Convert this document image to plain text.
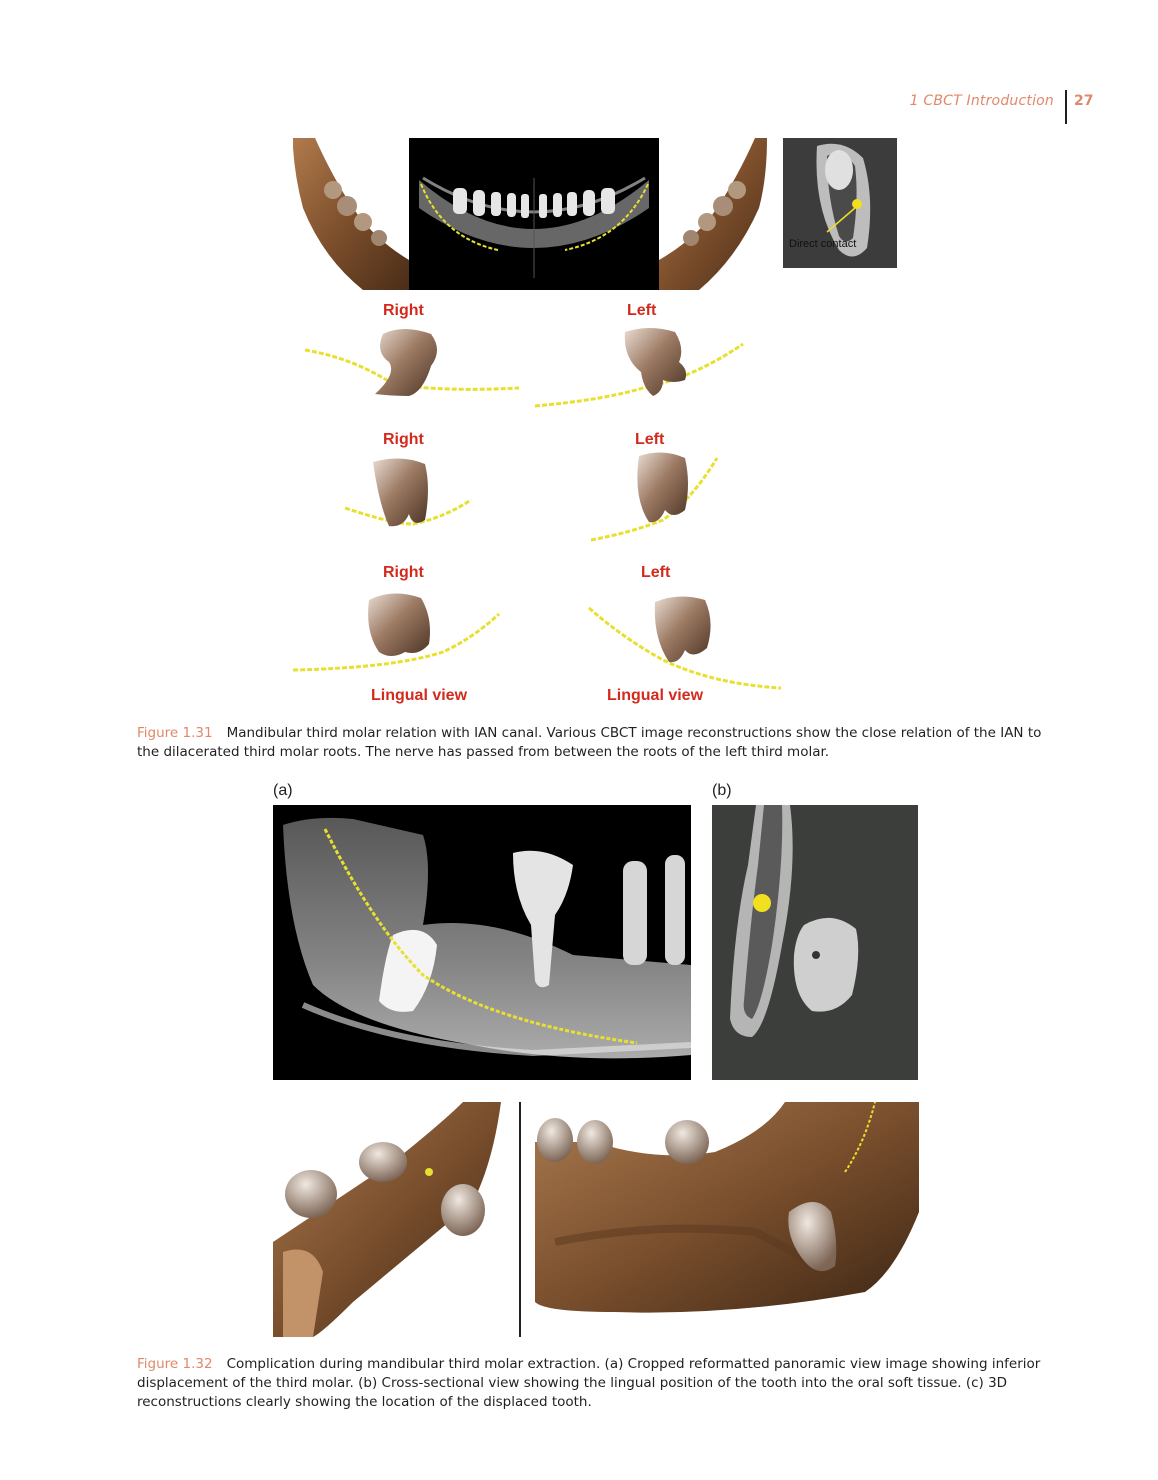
1 CBCT Introduction 27
Direct contact
Right	Left
Right	Left
Right	Left
Lingual view	Lingual view
Figure 1.31 Mandibular third molar relation with IAN canal. Various CBCT image reconstructions show the close relation of the IAN to the dilacerated third molar roots. The nerve has passed from between the roots of the left third molar.
(a)	(b)
Figure 1.32 Complication during mandibular third molar extraction. (a) Cropped reformatted panoramic view image showing inferior displacement of the third molar. (b) Cross-sectional view showing the lingual position of the tooth into the oral soft tissue. (c) 3D reconstructions clearly showing the location of the displaced tooth.
